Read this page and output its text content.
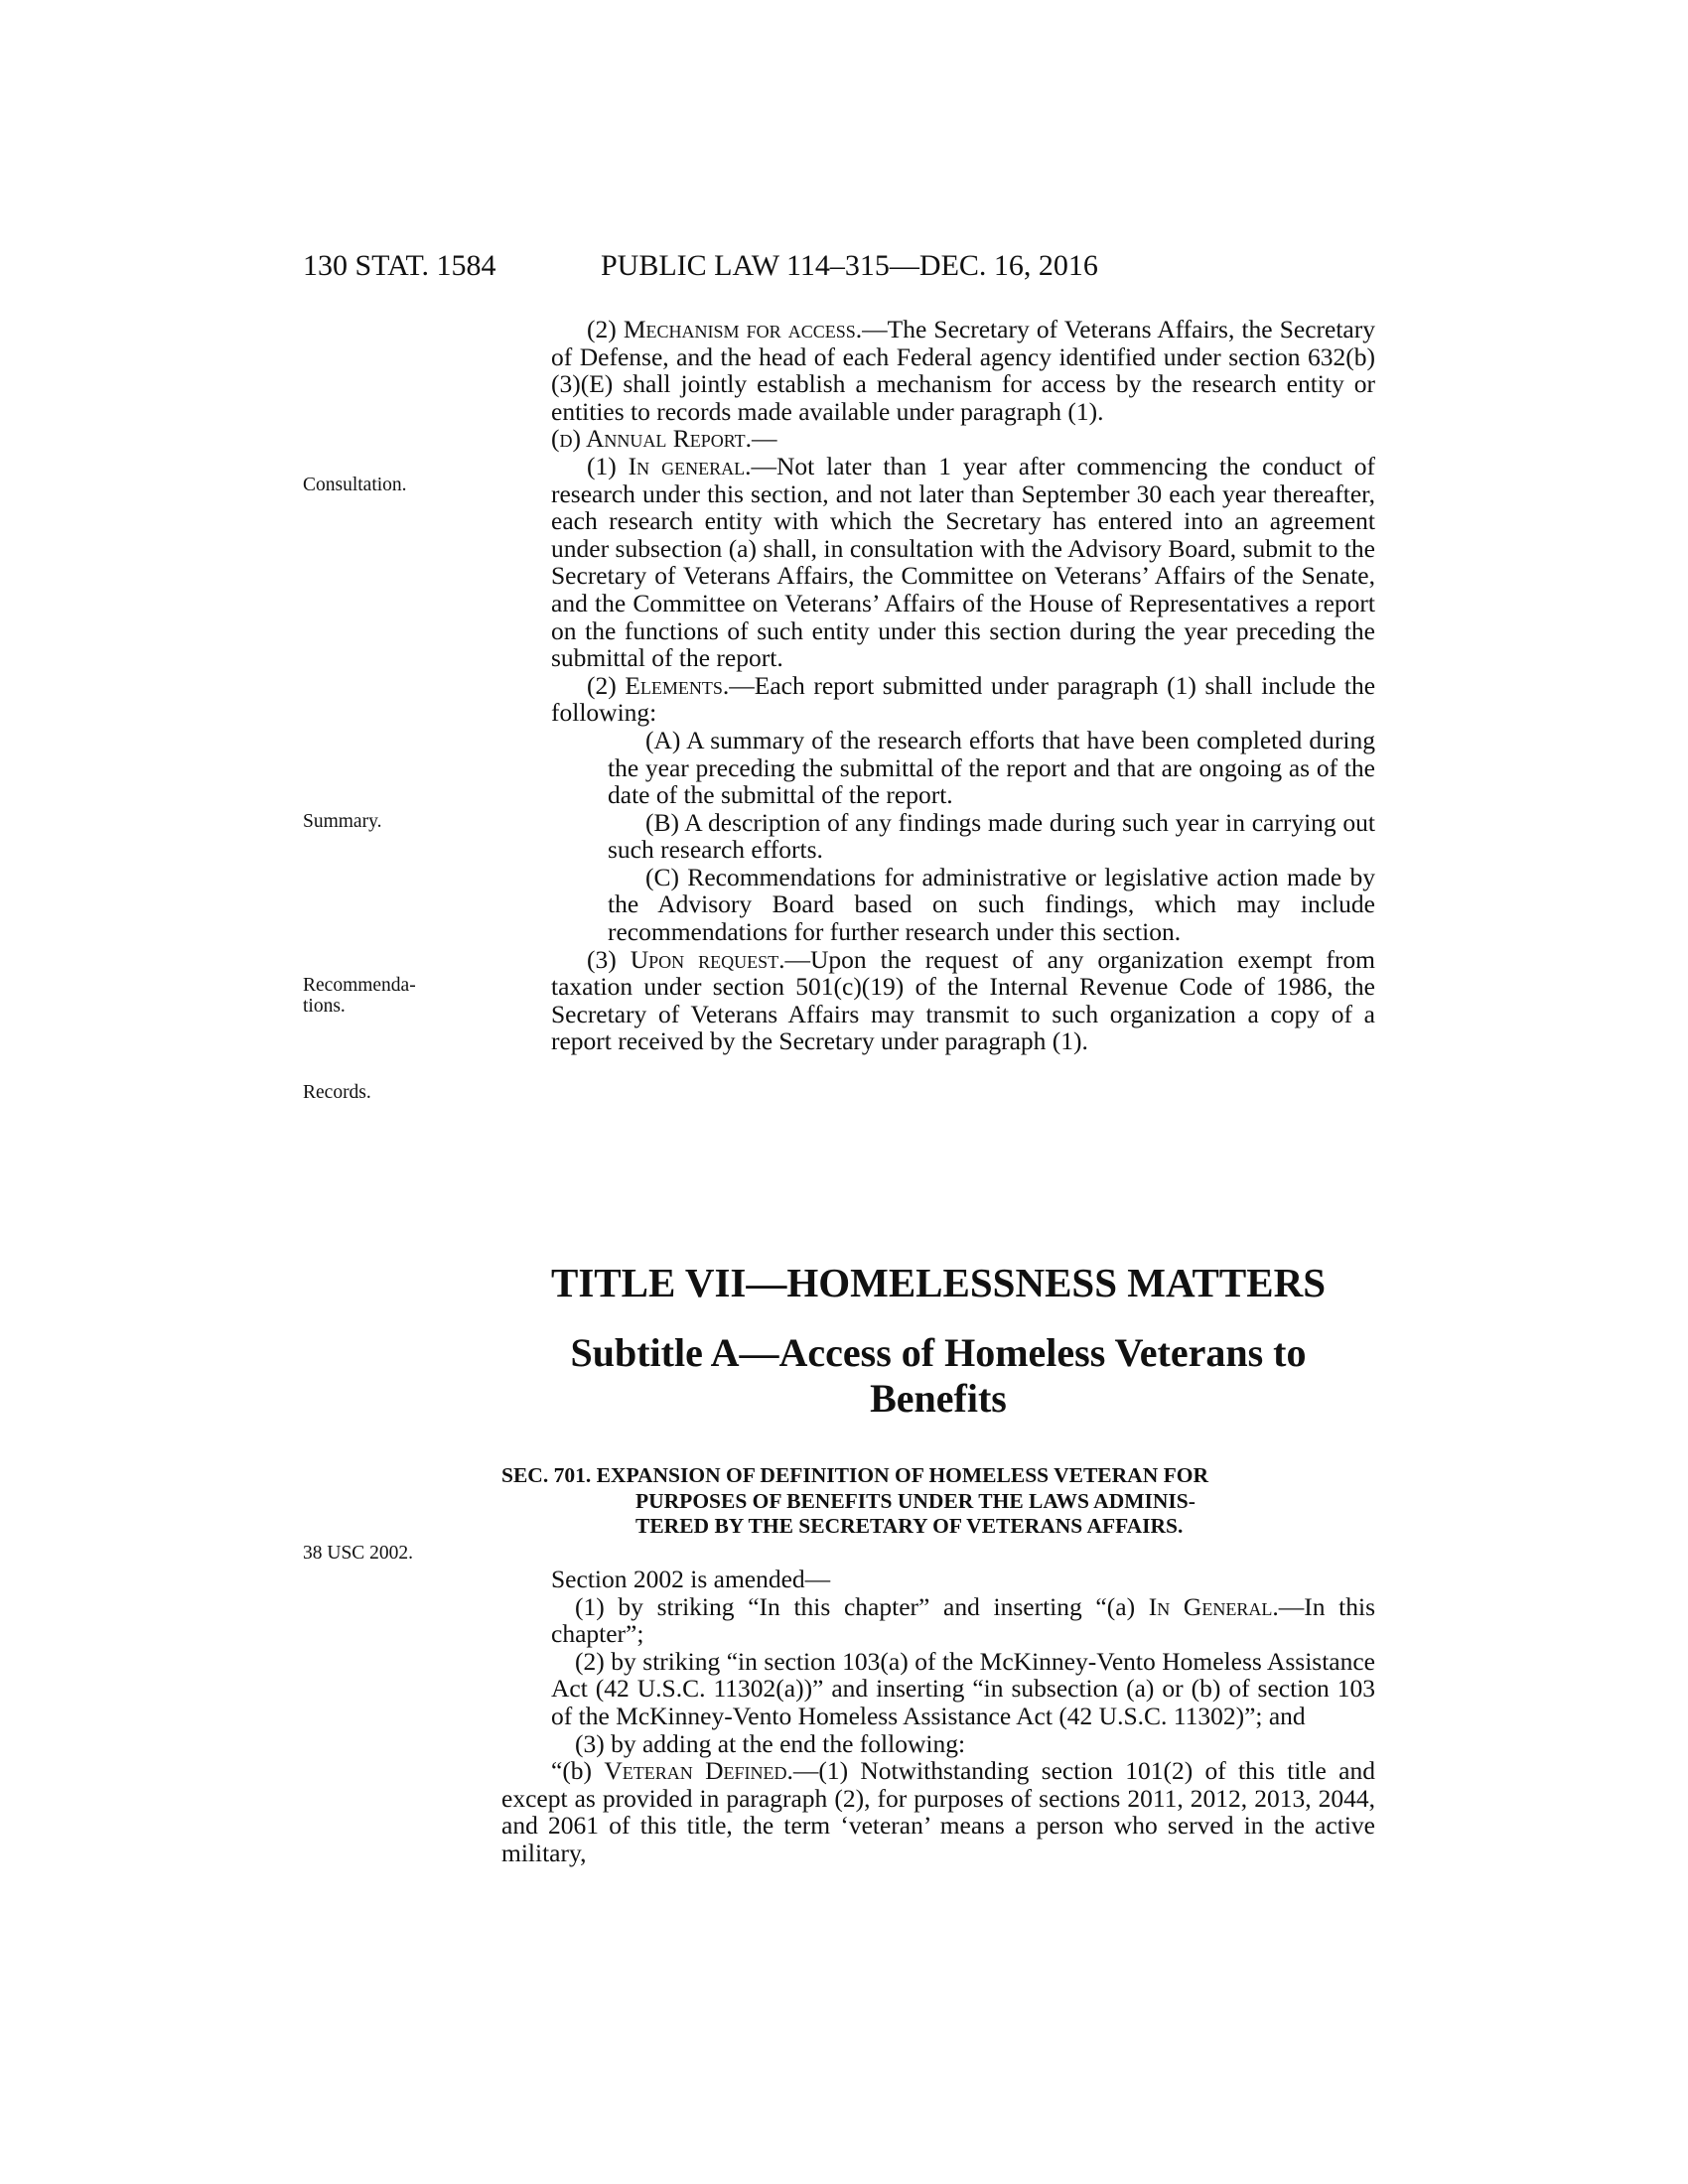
130 STAT. 1584	PUBLIC LAW 114–315—DEC. 16, 2016
Consultation.
Summary.
Recommenda-
tions.
Records.
38 USC 2002.

(2) Mechanism for access.—The Secretary of Veterans Affairs, the Secretary of Defense, and the head of each Federal agency identified under section 632(b)(3)(E) shall jointly establish a mechanism for access by the research entity or entities to records made available under paragraph (1).

(d) Annual Report.—

(1) In general.—Not later than 1 year after commencing the conduct of research under this section, and not later than September 30 each year thereafter, each research entity with which the Secretary has entered into an agreement under subsection (a) shall, in consultation with the Advisory Board, submit to the Secretary of Veterans Affairs, the Committee on Veterans’ Affairs of the Senate, and the Committee on Veterans’ Affairs of the House of Representatives a report on the functions of such entity under this section during the year preceding the submittal of the report.

(2) Elements.—Each report submitted under paragraph (1) shall include the following:

(A) A summary of the research efforts that have been completed during the year preceding the submittal of the report and that are ongoing as of the date of the submittal of the report.

(B) A description of any findings made during such year in carrying out such research efforts.

(C) Recommendations for administrative or legislative action made by the Advisory Board based on such findings, which may include recommendations for further research under this section.

(3) Upon request.—Upon the request of any organization exempt from taxation under section 501(c)(19) of the Internal Revenue Code of 1986, the Secretary of Veterans Affairs may transmit to such organization a copy of a report received by the Secretary under paragraph (1).

TITLE VII—HOMELESSNESS MATTERS
Subtitle A—Access of Homeless Veterans to
Benefits
SEC. 701. EXPANSION OF DEFINITION OF HOMELESS VETERAN FOR
PURPOSES OF BENEFITS UNDER THE LAWS ADMINIS-
TERED BY THE SECRETARY OF VETERANS AFFAIRS.

Section 2002 is amended—

(1) by striking “In this chapter” and inserting “(a) In General.—In this chapter”;

(2) by striking “in section 103(a) of the McKinney-Vento Homeless Assistance Act (42 U.S.C. 11302(a))” and inserting “in subsection (a) or (b) of section 103 of the McKinney-Vento Homeless Assistance Act (42 U.S.C. 11302)”; and

(3) by adding at the end the following:

“(b) Veteran Defined.—(1) Notwithstanding section 101(2) of this title and except as provided in paragraph (2), for purposes of sections 2011, 2012, 2013, 2044, and 2061 of this title, the term ‘veteran’ means a person who served in the active military,
